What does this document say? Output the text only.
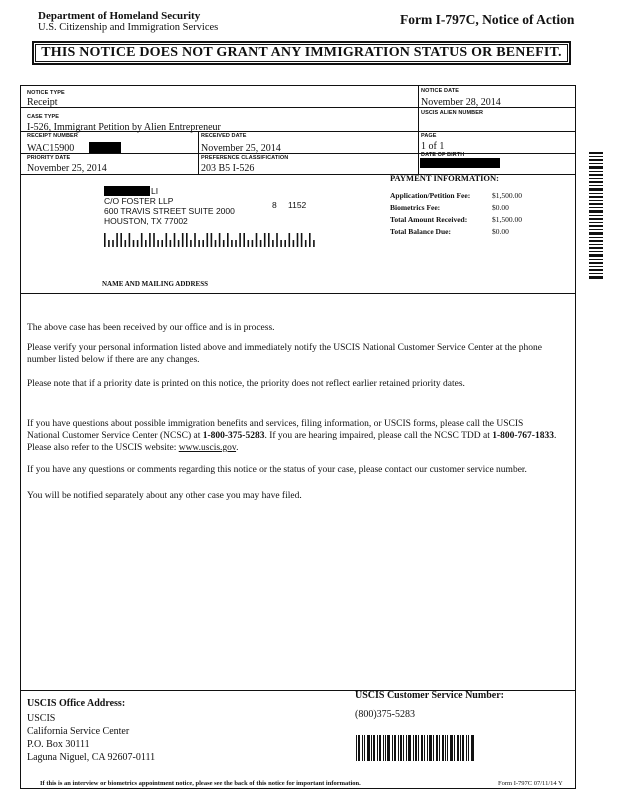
Department of Homeland Security
U.S. Citizenship and Immigration Services
Form I-797C, Notice of Action
THIS NOTICE DOES NOT GRANT ANY IMMIGRATION STATUS OR BENEFIT.
NOTICE TYPE
Receipt
NOTICE DATE
November 28, 2014
CASE TYPE
I-526, Immigrant Petition by Alien Entrepreneur
USCIS ALIEN NUMBER
RECEIPT NUMBER
WAC15900
RECEIVED DATE
November 25, 2014
PAGE
1 of 1
PRIORITY DATE
November 25, 2014
PREFERENCE CLASSIFICATION
203 B5 I-526
DATE OF BIRTH
LI
C/O FOSTER LLP
600 TRAVIS STREET SUITE 2000
HOUSTON, TX 77002
8 1152
NAME AND MAILING ADDRESS
PAYMENT INFORMATION:
Application/Petition Fee:	$1,500.00
Biometrics Fee:	$0.00
Total Amount Received:	$1,500.00
Total Balance Due:	$0.00
The above case has been received by our office and is in process.
Please verify your personal information listed above and immediately notify the USCIS National Customer Service Center at the phone number listed below if there are any changes.
Please note that if a priority date is printed on this notice, the priority does not reflect earlier retained priority dates.
If you have questions about possible immigration benefits and services, filing information, or USCIS forms, please call the USCIS National Customer Service Center (NCSC) at 1-800-375-5283. If you are hearing impaired, please call the NCSC TDD at 1-800-767-1833. Please also refer to the USCIS website: www.uscis.gov.
If you have any questions or comments regarding this notice or the status of your case, please contact our customer service number.
You will be notified separately about any other case you may have filed.
USCIS Office Address:
USCIS
California Service Center
P.O. Box 30111
Laguna Niguel, CA 92607-0111
USCIS Customer Service Number:
(800)375-5283
If this is an interview or biometrics appointment notice, please see the back of this notice for important information.	Form I-797C 07/11/14 Y
